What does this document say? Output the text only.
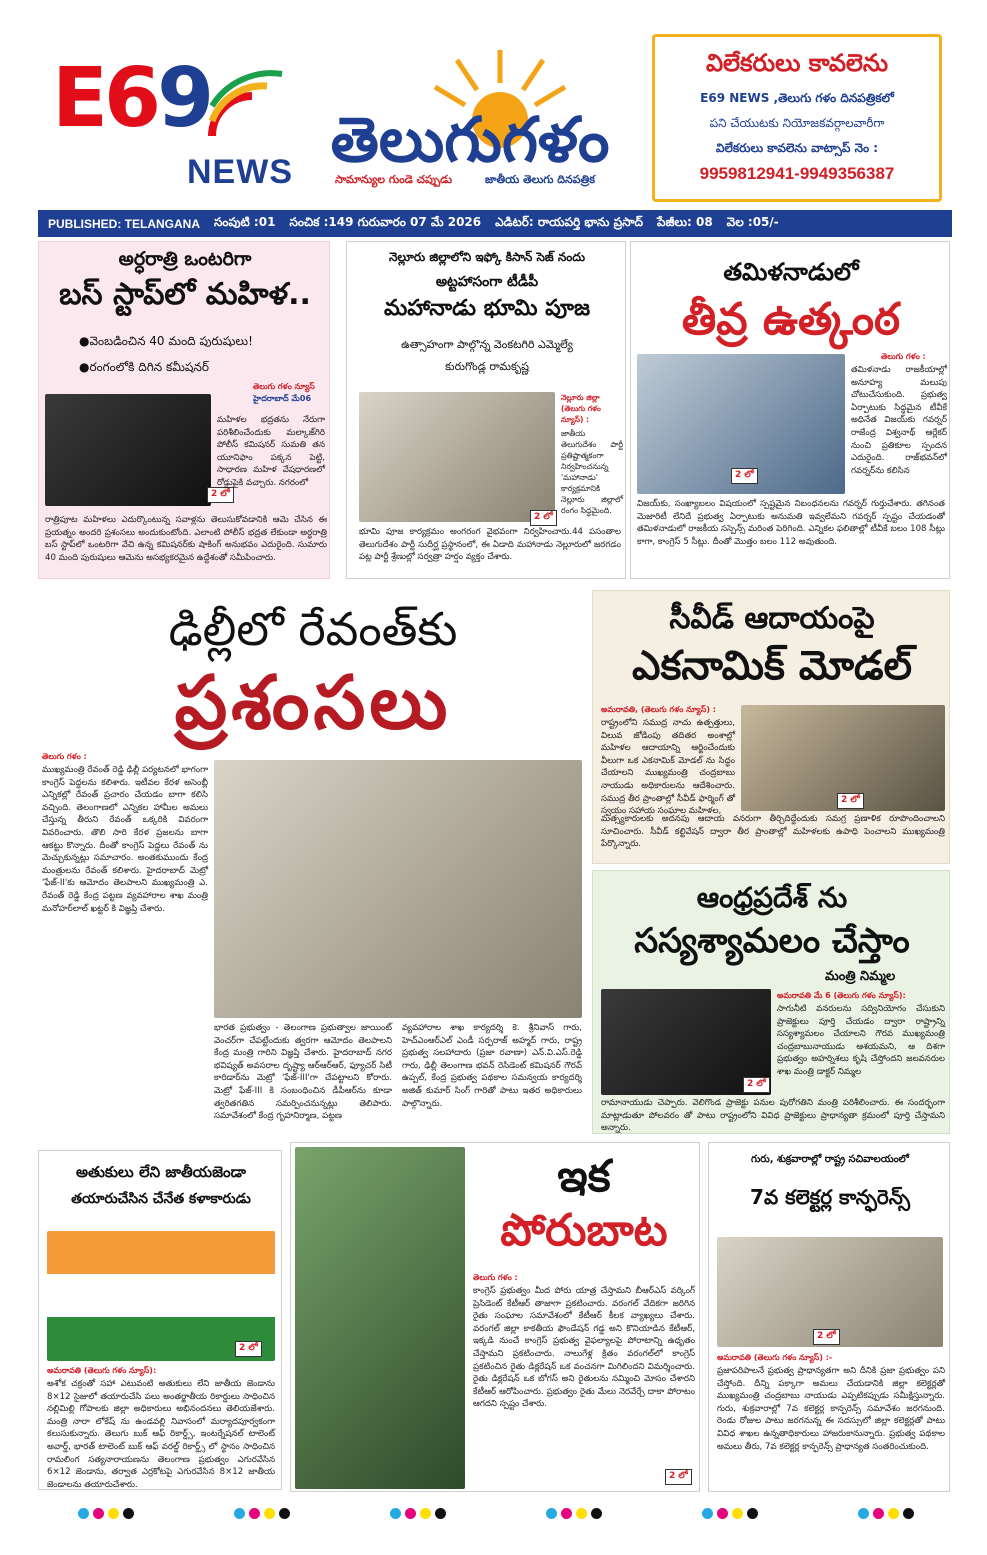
E69
NEWS తెలుగుగళం
సామాన్యుల గుండె చప్పుడు	జాతీయ తెలుగు దినపత్రిక
విలేకరులు కావలెను
E69 NEWS ,తెలుగు గళం దినపత్రికలో
పని చేయుటకు నియోజకవర్గాలవారీగా
విలేకరులు కావలెను వాట్సాప్ నెం :
9959812941-9949356387
PUBLISHED: TELANGANA సంపుటి :01 సంచిక :149 గురువారం 07 మే 2026 ఎడిటర్: రాయపర్తి భాను ప్రసాద్ పేజీలు: 08 వెల :05/-
అర్ధరాత్రి ఒంటరిగా
బస్ స్టాప్‌లో మహిళ..
●వెంబడించిన 40 మంది పురుషులు!
●రంగంలోకి దిగిన కమీషనర్
తెలుగు గళం న్యూస్
హైదరాబాద్ మే06
2 లో
మహిళల భద్రతను నేరుగా పరిశీలించేందుకు మల్కాజ్‌గిరి పోలీస్ కమిషనర్ సుమతి తన యూనిఫాం పక్కన పెట్టి, సాధారణ మహిళ వేషధారణలో రోడ్డుపైకి వచ్చారు. నగరంలో
రాత్రిపూట మహిళలు ఎదుర్కొంటున్న సవాళ్లను తెలుసుకోవడానికి ఆమె చేసిన ఈ ప్రయత్నం అందరి ప్రశంసలు అందుకుంటోంది. ఎలాంటి పోలీస్ భద్రత లేకుండా అర్ధరాత్రి బస్ స్టాప్‌లో ఒంటరిగా వేచి ఉన్న కమిషనర్‌కు షాకింగ్ అనుభవం ఎదురైంది. సుమారు 40 మంది పురుషులు ఆమెను అసభ్యకరమైన ఉద్దేశంతో సమీపించారు.
నెల్లూరు జిల్లాలోని ఇఫ్కో కిసాన్ సెజ్ నందు
అట్టహాసంగా టీడీపీ
మహానాడు భూమి పూజ
ఉత్సాహంగా పాల్గొన్న వెంకటగిరి ఎమ్మెల్యే
కురుగొండ్ల రామకృష్ణ
2 లో
నెల్లూరు జిల్లా (తెలుగు గళం న్యూస్) :
జాతీయ తెలుగుదేశం పార్టీ ప్రతిష్టాత్మకంగా నిర్వహించనున్న 'మహానాడు' కార్యక్రమానికి నెల్లూరు జిల్లాలో రంగం సిద్ధమైంది.
భూమి పూజ కార్యక్రమం అంగరంగ వైభవంగా నిర్వహించారు.44 పసంతాల తెలుగుదేశం పార్టీ సుదీర్ఘ ప్రస్థానంలో, ఈ ఏడాది మహానాడు నెల్లూరులో జరగడం పట్ల పార్టీ శ్రేణుల్లో సర్వత్రా హర్షం వ్యక్తం చేశారు.
తమిళనాడులో
తీవ్ర ఉత్కంఠ
2 లో
తెలుగు గళం :
తమిళనాడు రాజకీయాల్లో అనూహ్య మలుపు చోటుచేసుకుంది. ప్రభుత్వ ఏర్పాటుకు సిద్ధమైన టీవీకే అధినేత విజయ్‌కు గవర్నర్ రాజేంద్ర విశ్వనాథ్ ఆర్లేకర్ నుంచి ప్రతికూల స్పందన ఎదురైంది. రాజ్‌భవన్‌లో గవర్నర్‌ను కలిసిన
విజయ్‌కు, సంఖ్యాబలం విషయంలో స్పష్టమైన నిబంధనలను గవర్నర్ గుర్తుచేశారు. తగినంత మెజారిటీ లేనిదే ప్రభుత్వ ఏర్పాటుకు అనుమతి ఇవ్వలేమని గవర్నర్ స్పష్టం చేయడంతో తమిళనాడులో రాజకీయ సస్పెన్స్ మరింత పెరిగింది. ఎన్నికల ఫలితాల్లో టీవీకే బలం 108 సీట్లు కాగా, కాంగ్రెస్ 5 సీట్లు. దీంతో మొత్తం బలం 112 అవుతుంది.
ఢిల్లీలో రేవంత్‌కు
ప్రశంసలు
తెలుగు గళం :
ముఖ్యమంత్రి రేవంత్ రెడ్డి ఢిల్లీ పర్యటనలో భాగంగా కాంగ్రెస్ పెద్దలను కలిశారు. ఇటీవల కేరళ అసెంబ్లీ ఎన్నికల్లో రేవంత్ ప్రచారం చేయడం బాగా కలిసి వచ్చింది. తెలంగాణలో ఎన్నికల హామీల అమలు చేస్తున్న తీరుని రేవంత్ ఒక్కరికి వివరంగా వివరించారు. తొలి సారి కేరళ ప్రజలను బాగా ఆకట్టు కొన్నారు. దీంతో కాంగ్రెస్ పెద్దలు రేవంత్ ను మెచ్చుకున్నట్లు సమాచారం. అంతకుముందు కేంద్ర మంత్రులను రేవంత్ కలిశారు. హైదరాబాద్ మెట్రో 'ఫేజ్-II'కు ఆమోదం తెలపాలని ముఖ్యమంత్రి ఎ. రేవంత్ రెడ్డి కేంద్ర పట్టణ వ్యవహారాల శాఖ మంత్రి మనోహర్‌లాల్ ఖట్టర్ కి విజ్ఞప్తి చేశారు.
భారత ప్రభుత్వం - తెలంగాణ ప్రభుత్వాల జాయింట్ వెంచర్‌గా చేపట్టేందుకు త్వరగా ఆమోదం తెలపాలని కేంద్ర మంత్రి గారిని విజ్ఞప్తి చేశారు. హైదరాబాద్ నగర భవిష్యత్ అవసరాల దృష్ట్యా ఆర్ఆర్ఆర్, ఫ్యూచర్ సిటీ కారిడార్‌ను మెట్రో 'ఫేజ్-III'గా చేపట్టాలని కోరారు. మెట్రో ఫేజ్-III కి సంబంధించిన డీపీఆర్‌ను కూడా త్వరితగతిన సమర్పించనున్నట్లు తెలిపారు. సమావేశంలో కేంద్ర గృహనిర్మాణ, పట్టణ
వ్యవహారాల శాఖ కార్యదర్శి కె. శ్రీనివాస్ గారు, హెచ్ఎంఆర్ఎల్ ఎండీ సర్ఫరాజ్ అహ్మద్ గారు, రాష్ట్ర ప్రభుత్వ సలహాదారు (ప్రజా రవాణా) ఎన్.వి.ఎస్.రెడ్డి గారు, ఢిల్లీ తెలంగాణ భవన్ రెసిడెంట్ కమిషనర్ గౌరవ్ ఉప్పల్, కేంద్ర ప్రభుత్వ పథకాల సమన్వయ కార్యదర్శి అజిత్ కుమార్ సింగ్ గారితో పాటు ఇతర అధికారులు పాల్గొన్నారు.
సీవీడ్ ఆదాయంపై
ఎకనామిక్ మోడల్
అమరావతి, (తెలుగు గళం న్యూస్) :
రాష్ట్రంలోని సముద్ర నాచు ఉత్పత్తులు, విలువ జోడింపు తదితర అంశాల్లో మహిళల ఆదాయాన్ని ఆర్జించేందుకు వీలుగా ఒక ఎకనామిక్ మోడల్ ను సిద్ధం చేయాలని ముఖ్యమంత్రి చంద్రబాబు నాయుడు అధికారులను ఆదేశించారు. సముద్ర తీర ప్రాంతాల్లో సీవీడ్ ఫార్మింగ్ తో స్వయం సహాయ సంఘాల మహిళల,
2 లో
మత్స్యకారులకు అదనపు ఆదాయ వనరుగా తీర్చిదిద్దేందుకు సమగ్ర ప్రణాళిక రూపొందించాలని సూచించారు. సీవీడ్ కల్టివేషన్ ద్వారా తీర ప్రాంతాల్లో మహిళలకు ఉపాధి పెంచాలని ముఖ్యమంత్రి పేర్కొన్నారు.
ఆంధ్రప్రదేశ్ ను
సస్యశ్యామలం చేస్తాం
మంత్రి నిమ్మల
2 లో
అమరావతి మే 6 (తెలుగు గళం న్యూస్):
సాగునీటి వనరులను సద్వినియోగం చేసుకుని ప్రాజెక్టులు పూర్తి చేయడం ద్వారా రాష్ట్రాన్ని సస్యశ్యామలం చేయాలని గౌరవ ముఖ్యమంత్రి చంద్రబాబునాయుడు ఆశయమని, ఆ దిశగా ప్రభుత్వం అహర్నిశలు కృషి చేస్తోందని జలవనరుల శాఖ మంత్రి డాక్టర్ నిమ్మల
రామానాయుడు చెప్పారు. వెలిగొండ ప్రాజెక్టు పనుల పురోగతిని మంత్రి పరిశీలించారు. ఈ సందర్భంగా మాట్లాడుతూ పోలవరం తో పాటు రాష్ట్రంలోని వివిధ ప్రాజెక్టులు ప్రాధాన్యతా క్రమంలో పూర్తి చేస్తామని అన్నారు.
అతుకులు లేని జాతీయజెండా
తయారుచేసిన చేనేత కళాకారుడు
2 లో
అమరావతి (తెలుగు గళం న్యూస్):
అశోక చక్రంతో సహా ఎటువంటి అతుకులు లేని జాతీయ జెండాను 8×12 సైజులో తయారుచేసి పలు అంతర్జాతీయ రికార్డులు సాధించిన నల్లిమిల్లి గోపాలకు జిల్లా అధికారులు అభినందనలు తెలియజేశారు. మంత్రి నారా లోకేష్ ను ఉండవల్లి నివాసంలో మర్యాదపూర్వకంగా కలుసుకున్నారు. తెలుగు బుక్ ఆఫ్ రికార్డ్స్, ఇంటర్నేషనల్ టాలెంట్ అవార్డ్, భారత్ టాలెంట్ బుక్ ఆఫ్ వరల్డ్ రికార్డ్స్ లో స్థానం సాధించిన రామలింగ సత్యనారాయణను తెలంగాణ ప్రభుత్వం ఎగురవేసిన 6×12 జెండాను, తర్వాత ఎర్రకోటపై ఎగురవేసిన 8×12 జాతీయ జెండాలను తయారుచేశారు.
ఇక
పోరుబాట
తెలుగు గళం :
కాంగ్రెస్ ప్రభుత్వం మీద పోరు యాత్ర చేస్తామని బీఆర్ఎస్ వర్కింగ్ ప్రెసిడెంట్ కేటీఆర్ తాజాగా ప్రకటించారు. వరంగల్ వేదికగా జరిగిన రైతు సంఘాల సమావేశంలో కేటీఆర్ కీలక వ్యాఖ్యలు చేశారు. వరంగల్ జిల్లా కాకతీయ ఫౌండేషన్ గడ్డ అని కొనియాడిన కేటీఆర్, ఇక్కడి నుంచే కాంగ్రెస్ ప్రభుత్వ వైఫల్యాలపై పోరాటాన్ని ఉధృతం చేస్తామని ప్రకటించారు. నాలుగేళ్ల క్రితం వరంగల్‌లో కాంగ్రెస్ ప్రకటించిన రైతు డిక్లరేషన్ ఒక వంచనగా మిగిలిందని విమర్శించారు. రైతు డిక్లరేషన్ ఒక బోగస్ అని రైతులను నమ్మించి మోసం చేశారని కేటీఆర్ ఆరోపించారు. ప్రభుత్వం రైతు మేలు నెరవేర్చే దాకా పోరాటం ఆగదని స్పష్టం చేశారు.
2 లో
గురు, శుక్రవారాల్లో రాష్ట్ర సచివాలయంలో
7వ కలెక్టర్ల కాన్ఫరెన్స్
2 లో
అమరావతి (తెలుగు గళం న్యూస్) :-
ప్రజాపరిపాలనే ప్రభుత్వ ప్రాధాన్యతగా అని దీనికి ప్రజా ప్రభుత్వం పని చేస్తోంది. దీన్ని పక్కాగా అమలు చేయడానికి జిల్లా కలెక్టర్లతో ముఖ్యమంత్రి చంద్రబాబు నాయుడు ఎప్పటికప్పుడు సమీక్షిస్తున్నారు. గురు, శుక్రవారాల్లో 7వ కలెక్టర్ల కాన్ఫరెన్స్ సమావేశం జరగనుంది. రెండు రోజుల పాటు జరగనున్న ఈ సదస్సులో జిల్లా కలెక్టర్లతో పాటు వివిధ శాఖల ఉన్నతాధికారులు హాజరుకానున్నారు. ప్రభుత్వ పథకాల అమలు తీరు, 7వ కలెక్టర్ల కాన్ఫరెన్స్ ప్రాధాన్యత సంతరించుకుంది.
